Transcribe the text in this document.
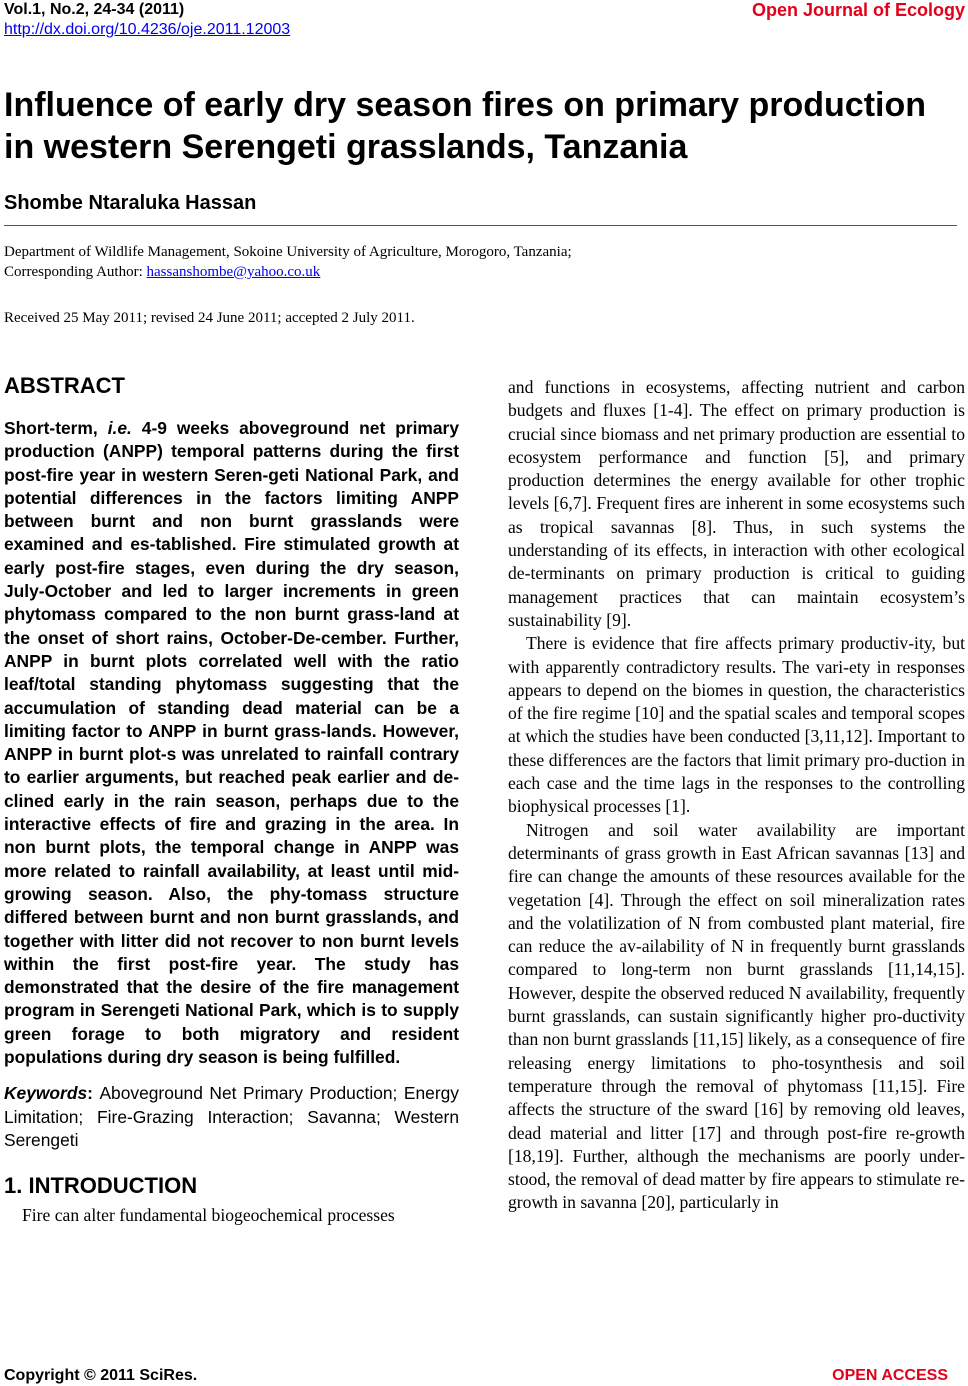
Vol.1, No.2, 24-34 (2011)
http://dx.doi.org/10.4236/oje.2011.12003
Open Journal of Ecology
Influence of early dry season fires on primary production in western Serengeti grasslands, Tanzania
Shombe Ntaraluka Hassan
Department of Wildlife Management, Sokoine University of Agriculture, Morogoro, Tanzania;
Corresponding Author: hassanshombe@yahoo.co.uk
Received 25 May 2011; revised 24 June 2011; accepted 2 July 2011.
ABSTRACT

Short-term, i.e. 4-9 weeks aboveground net primary production (ANPP) temporal patterns during the first post-fire year in western Seren-geti National Park, and potential differences in the factors limiting ANPP between burnt and non burnt grasslands were examined and es-tablished. Fire stimulated growth at early post-fire stages, even during the dry season, July-October and led to larger increments in green phytomass compared to the non burnt grass-land at the onset of short rains, October-De-cember. Further, ANPP in burnt plots correlated well with the ratio leaf/total standing phytomass suggesting that the accumulation of standing dead material can be a limiting factor to ANPP in burnt grass-lands. However, ANPP in burnt plot-s was unrelated to rainfall contrary to earlier arguments, but reached peak earlier and de-clined early in the rain season, perhaps due to the interactive effects of fire and grazing in the area. In non burnt plots, the temporal change in ANPP was more related to rainfall availability, at least until mid-growing season. Also, the phy-tomass structure differed between burnt and non burnt grasslands, and together with litter did not recover to non burnt levels within the first post-fire year. The study has demonstrated that the desire of the fire management program in Serengeti National Park, which is to supply green forage to both migratory and resident populations during dry season is being fulfilled.

Keywords: Aboveground Net Primary Production; Energy Limitation; Fire-Grazing Interaction; Savanna; Western Serengeti

1. INTRODUCTION

Fire can alter fundamental biogeochemical processes

and functions in ecosystems, affecting nutrient and carbon budgets and fluxes [1-4]. The effect on primary production is crucial since biomass and net primary production are essential to ecosystem performance and function [5], and primary production determines the energy available for other trophic levels [6,7]. Frequent fires are inherent in some ecosystems such as tropical savannas [8]. Thus, in such systems the understanding of its effects, in interaction with other ecological de-terminants on primary production is critical to guiding management practices that can maintain ecosystem’s sustainability [9].

There is evidence that fire affects primary productiv-ity, but with apparently contradictory results. The vari-ety in responses appears to depend on the biomes in question, the characteristics of the fire regime [10] and the spatial scales and temporal scopes at which the studies have been conducted [3,11,12]. Important to these differences are the factors that limit primary pro-duction in each case and the time lags in the responses to the controlling biophysical processes [1].

Nitrogen and soil water availability are important determinants of grass growth in East African savannas [13] and fire can change the amounts of these resources available for the vegetation [4]. Through the effect on soil mineralization rates and the volatilization of N from combusted plant material, fire can reduce the av-ailability of N in frequently burnt grasslands compared to long-term non burnt grasslands [11,14,15]. However, despite the observed reduced N availability, frequently burnt grasslands, can sustain significantly higher pro-ductivity than non burnt grasslands [11,15] likely, as a consequence of fire releasing energy limitations to pho-tosynthesis and soil temperature through the removal of phytomass [11,15]. Fire affects the structure of the sward [16] by removing old leaves, dead material and litter [17] and through post-fire re-growth [18,19]. Further, although the mechanisms are poorly under-stood, the removal of dead matter by fire appears to stimulate re-growth in savanna [20], particularly in

Copyright © 2011 SciRes.	OPEN ACCESS
